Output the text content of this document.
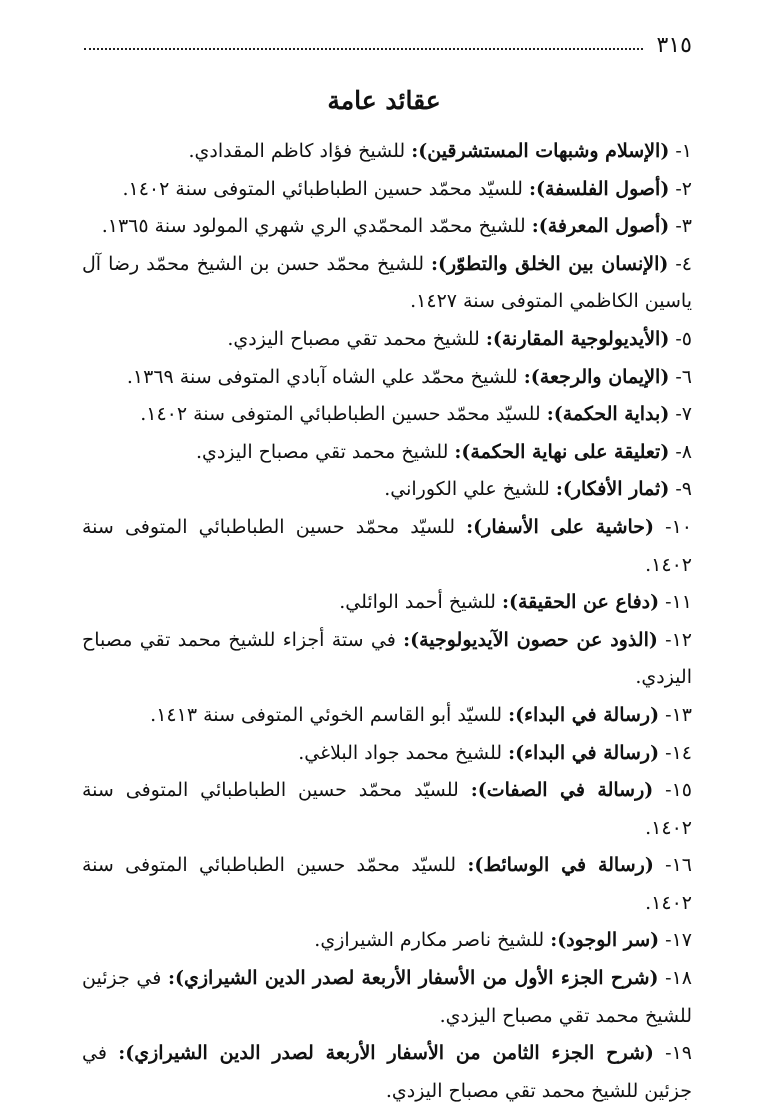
٣١٥
عقائد عامة
١- (الإسلام وشبهات المستشرقين): للشيخ فؤاد كاظم المقدادي.
٢- (أصول الفلسفة): للسيّد محمّد حسين الطباطبائي المتوفى سنة ١٤٠٢.
٣- (أصول المعرفة): للشيخ محمّد المحمّدي الري شهري المولود سنة ١٣٦٥.
٤- (الإنسان بين الخلق والتطوّر): للشيخ محمّد حسن بن الشيخ محمّد رضا آل ياسين الكاظمي المتوفى سنة ١٤٢٧.
٥- (الأيديولوجية المقارنة): للشيخ محمد تقي مصباح اليزدي.
٦- (الإيمان والرجعة): للشيخ محمّد علي الشاه آبادي المتوفى سنة ١٣٦٩.
٧- (بداية الحكمة): للسيّد محمّد حسين الطباطبائي المتوفى سنة ١٤٠٢.
٨- (تعليقة على نهاية الحكمة): للشيخ محمد تقي مصباح اليزدي.
٩- (ثمار الأفكار): للشيخ علي الكوراني.
١٠- (حاشية على الأسفار): للسيّد محمّد حسين الطباطبائي المتوفى سنة ١٤٠٢.
١١- (دفاع عن الحقيقة): للشيخ أحمد الوائلي.
١٢- (الذود عن حصون الآيديولوجية): في ستة أجزاء للشيخ محمد تقي مصباح اليزدي.
١٣- (رسالة في البداء): للسيّد أبو القاسم الخوئي المتوفى سنة ١٤١٣.
١٤- (رسالة في البداء): للشيخ محمد جواد البلاغي.
١٥- (رسالة في الصفات): للسيّد محمّد حسين الطباطبائي المتوفى سنة ١٤٠٢.
١٦- (رسالة في الوسائط): للسيّد محمّد حسين الطباطبائي المتوفى سنة ١٤٠٢.
١٧- (سر الوجود): للشيخ ناصر مكارم الشيرازي.
١٨- (شرح الجزء الأول من الأسفار الأربعة لصدر الدين الشيرازي): في جزئين للشيخ محمد تقي مصباح اليزدي.
١٩- (شرح الجزء الثامن من الأسفار الأربعة لصدر الدين الشيرازي): في جزئين للشيخ محمد تقي مصباح اليزدي.
